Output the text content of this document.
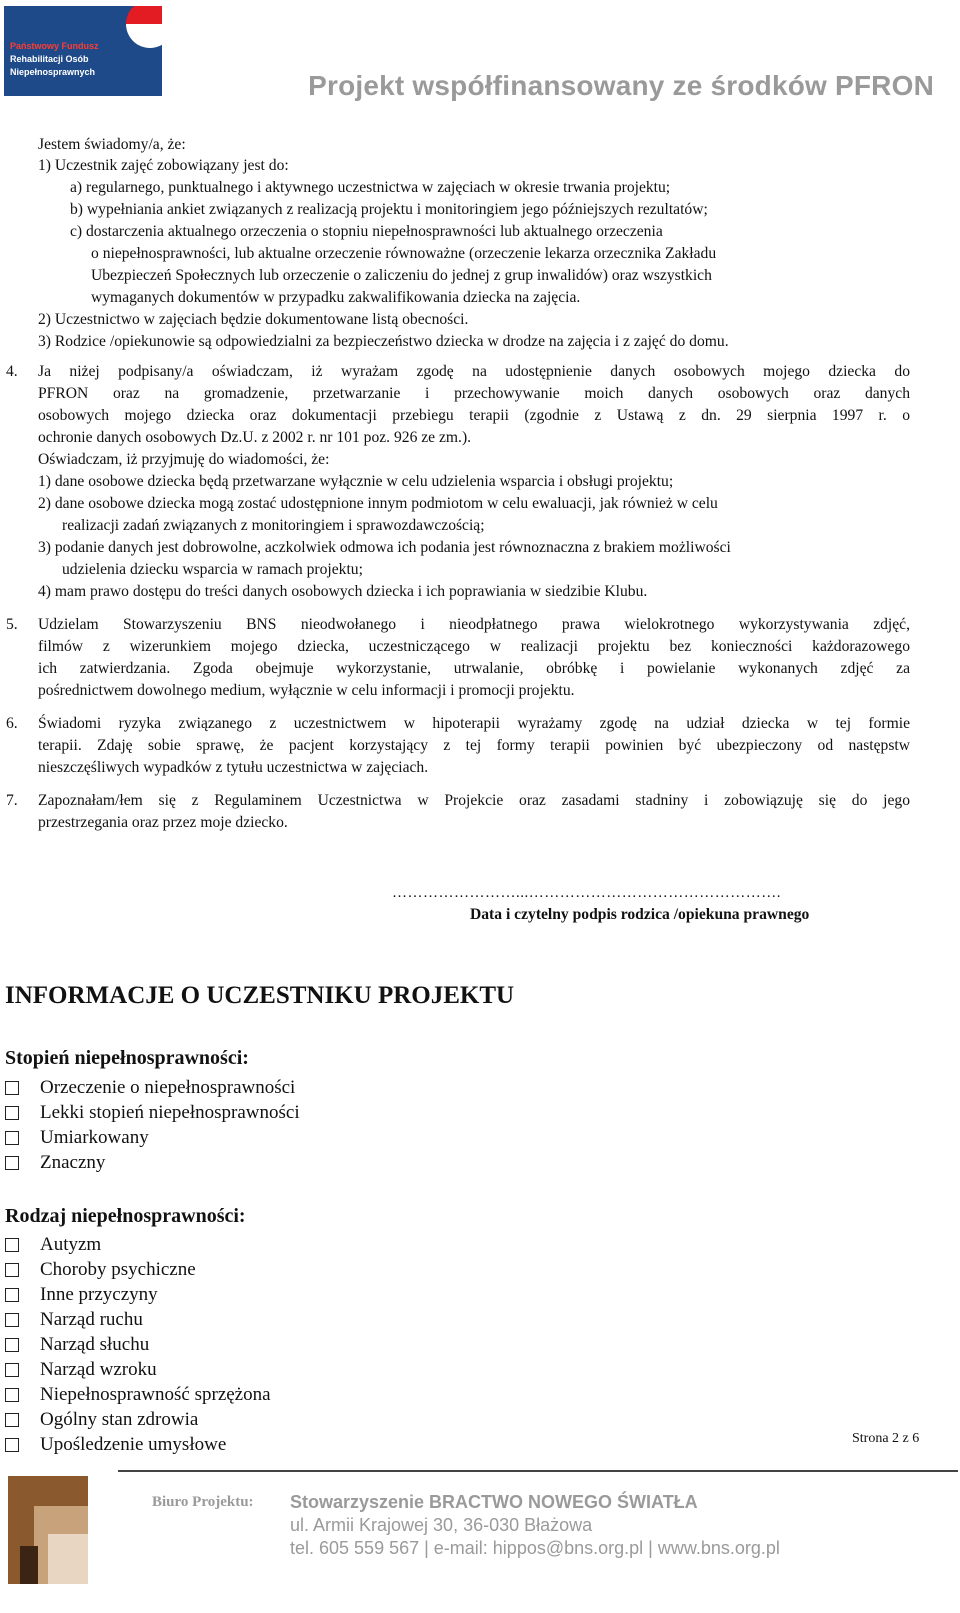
Państwowy Fundusz
Rehabilitacji Osób
Niepełnosprawnych	Projekt współfinansowany ze środków PFRON
Jestem świadomy/a, że:
1) Uczestnik zajęć zobowiązany jest do:
a) regularnego, punktualnego i aktywnego uczestnictwa w zajęciach w okresie trwania projektu;
b) wypełniania ankiet związanych z realizacją projektu i monitoringiem jego późniejszych rezultatów;
c) dostarczenia aktualnego orzeczenia o stopniu niepełnosprawności lub aktualnego orzeczenia
o niepełnosprawności, lub aktualne orzeczenie równoważne (orzeczenie lekarza orzecznika Zakładu
Ubezpieczeń Społecznych lub orzeczenie o zaliczeniu do jednej z grup inwalidów) oraz wszystkich
wymaganych dokumentów w przypadku zakwalifikowania dziecka na zajęcia.
2) Uczestnictwo w zajęciach będzie dokumentowane listą obecności.
3) Rodzice /opiekunowie są odpowiedzialni za bezpieczeństwo dziecka w drodze na zajęcia i z zajęć do domu.
4. Ja niżej podpisany/a oświadczam, iż wyrażam zgodę na udostępnienie danych osobowych mojego dziecka do
PFRON oraz na gromadzenie, przetwarzanie i przechowywanie moich danych osobowych oraz danych
osobowych mojego dziecka oraz dokumentacji przebiegu terapii (zgodnie z Ustawą z dn. 29 sierpnia 1997 r. o
ochronie danych osobowych Dz.U. z 2002 r. nr 101 poz. 926 ze zm.).
Oświadczam, iż przyjmuję do wiadomości, że:
1) dane osobowe dziecka będą przetwarzane wyłącznie w celu udzielenia wsparcia i obsługi projektu;
2) dane osobowe dziecka mogą zostać udostępnione innym podmiotom w celu ewaluacji, jak również w celu
realizacji zadań związanych z monitoringiem i sprawozdawczością;
3) podanie danych jest dobrowolne, aczkolwiek odmowa ich podania jest równoznaczna z brakiem możliwości
udzielenia dziecku wsparcia w ramach projektu;
4) mam prawo dostępu do treści danych osobowych dziecka i ich poprawiania w siedzibie Klubu.
5. Udzielam Stowarzyszeniu BNS nieodwołanego i nieodpłatnego prawa wielokrotnego wykorzystywania zdjęć,
filmów z wizerunkiem mojego dziecka, uczestniczącego w realizacji projektu bez konieczności każdorazowego
ich zatwierdzania. Zgoda obejmuje wykorzystanie, utrwalanie, obróbkę i powielanie wykonanych zdjęć za
pośrednictwem dowolnego medium, wyłącznie w celu informacji i promocji projektu.
6. Świadomi ryzyka związanego z uczestnictwem w hipoterapii wyrażamy zgodę na udział dziecka w tej formie
terapii. Zdaję sobie sprawę, że pacjent korzystający z tej formy terapii powinien być ubezpieczony od następstw
nieszczęśliwych wypadków z tytułu uczestnictwa w zajęciach.
7. Zapoznałam/łem się z Regulaminem Uczestnictwa w Projekcie oraz zasadami stadniny i zobowiązuję się do jego
przestrzegania oraz przez moje dziecko.
……………………...………………………………………….
Data i czytelny podpis rodzica /opiekuna prawnego
INFORMACJE O UCZESTNIKU PROJEKTU
Stopień niepełnosprawności:
Orzeczenie o niepełnosprawności
Lekki stopień niepełnosprawności
Umiarkowany
Znaczny
Rodzaj niepełnosprawności:
Autyzm
Choroby psychiczne
Inne przyczyny
Narząd ruchu
Narząd słuchu
Narząd wzroku
Niepełnosprawność sprzężona
Ogólny stan zdrowia
Upośledzenie umysłowe	Strona 2 z 6
Biuro Projektu: Stowarzyszenie BRACTWO NOWEGO ŚWIATŁA
ul. Armii Krajowej 30, 36-030 Błażowa
tel. 605 559 567 | e-mail: hippos@bns.org.pl | www.bns.org.pl
